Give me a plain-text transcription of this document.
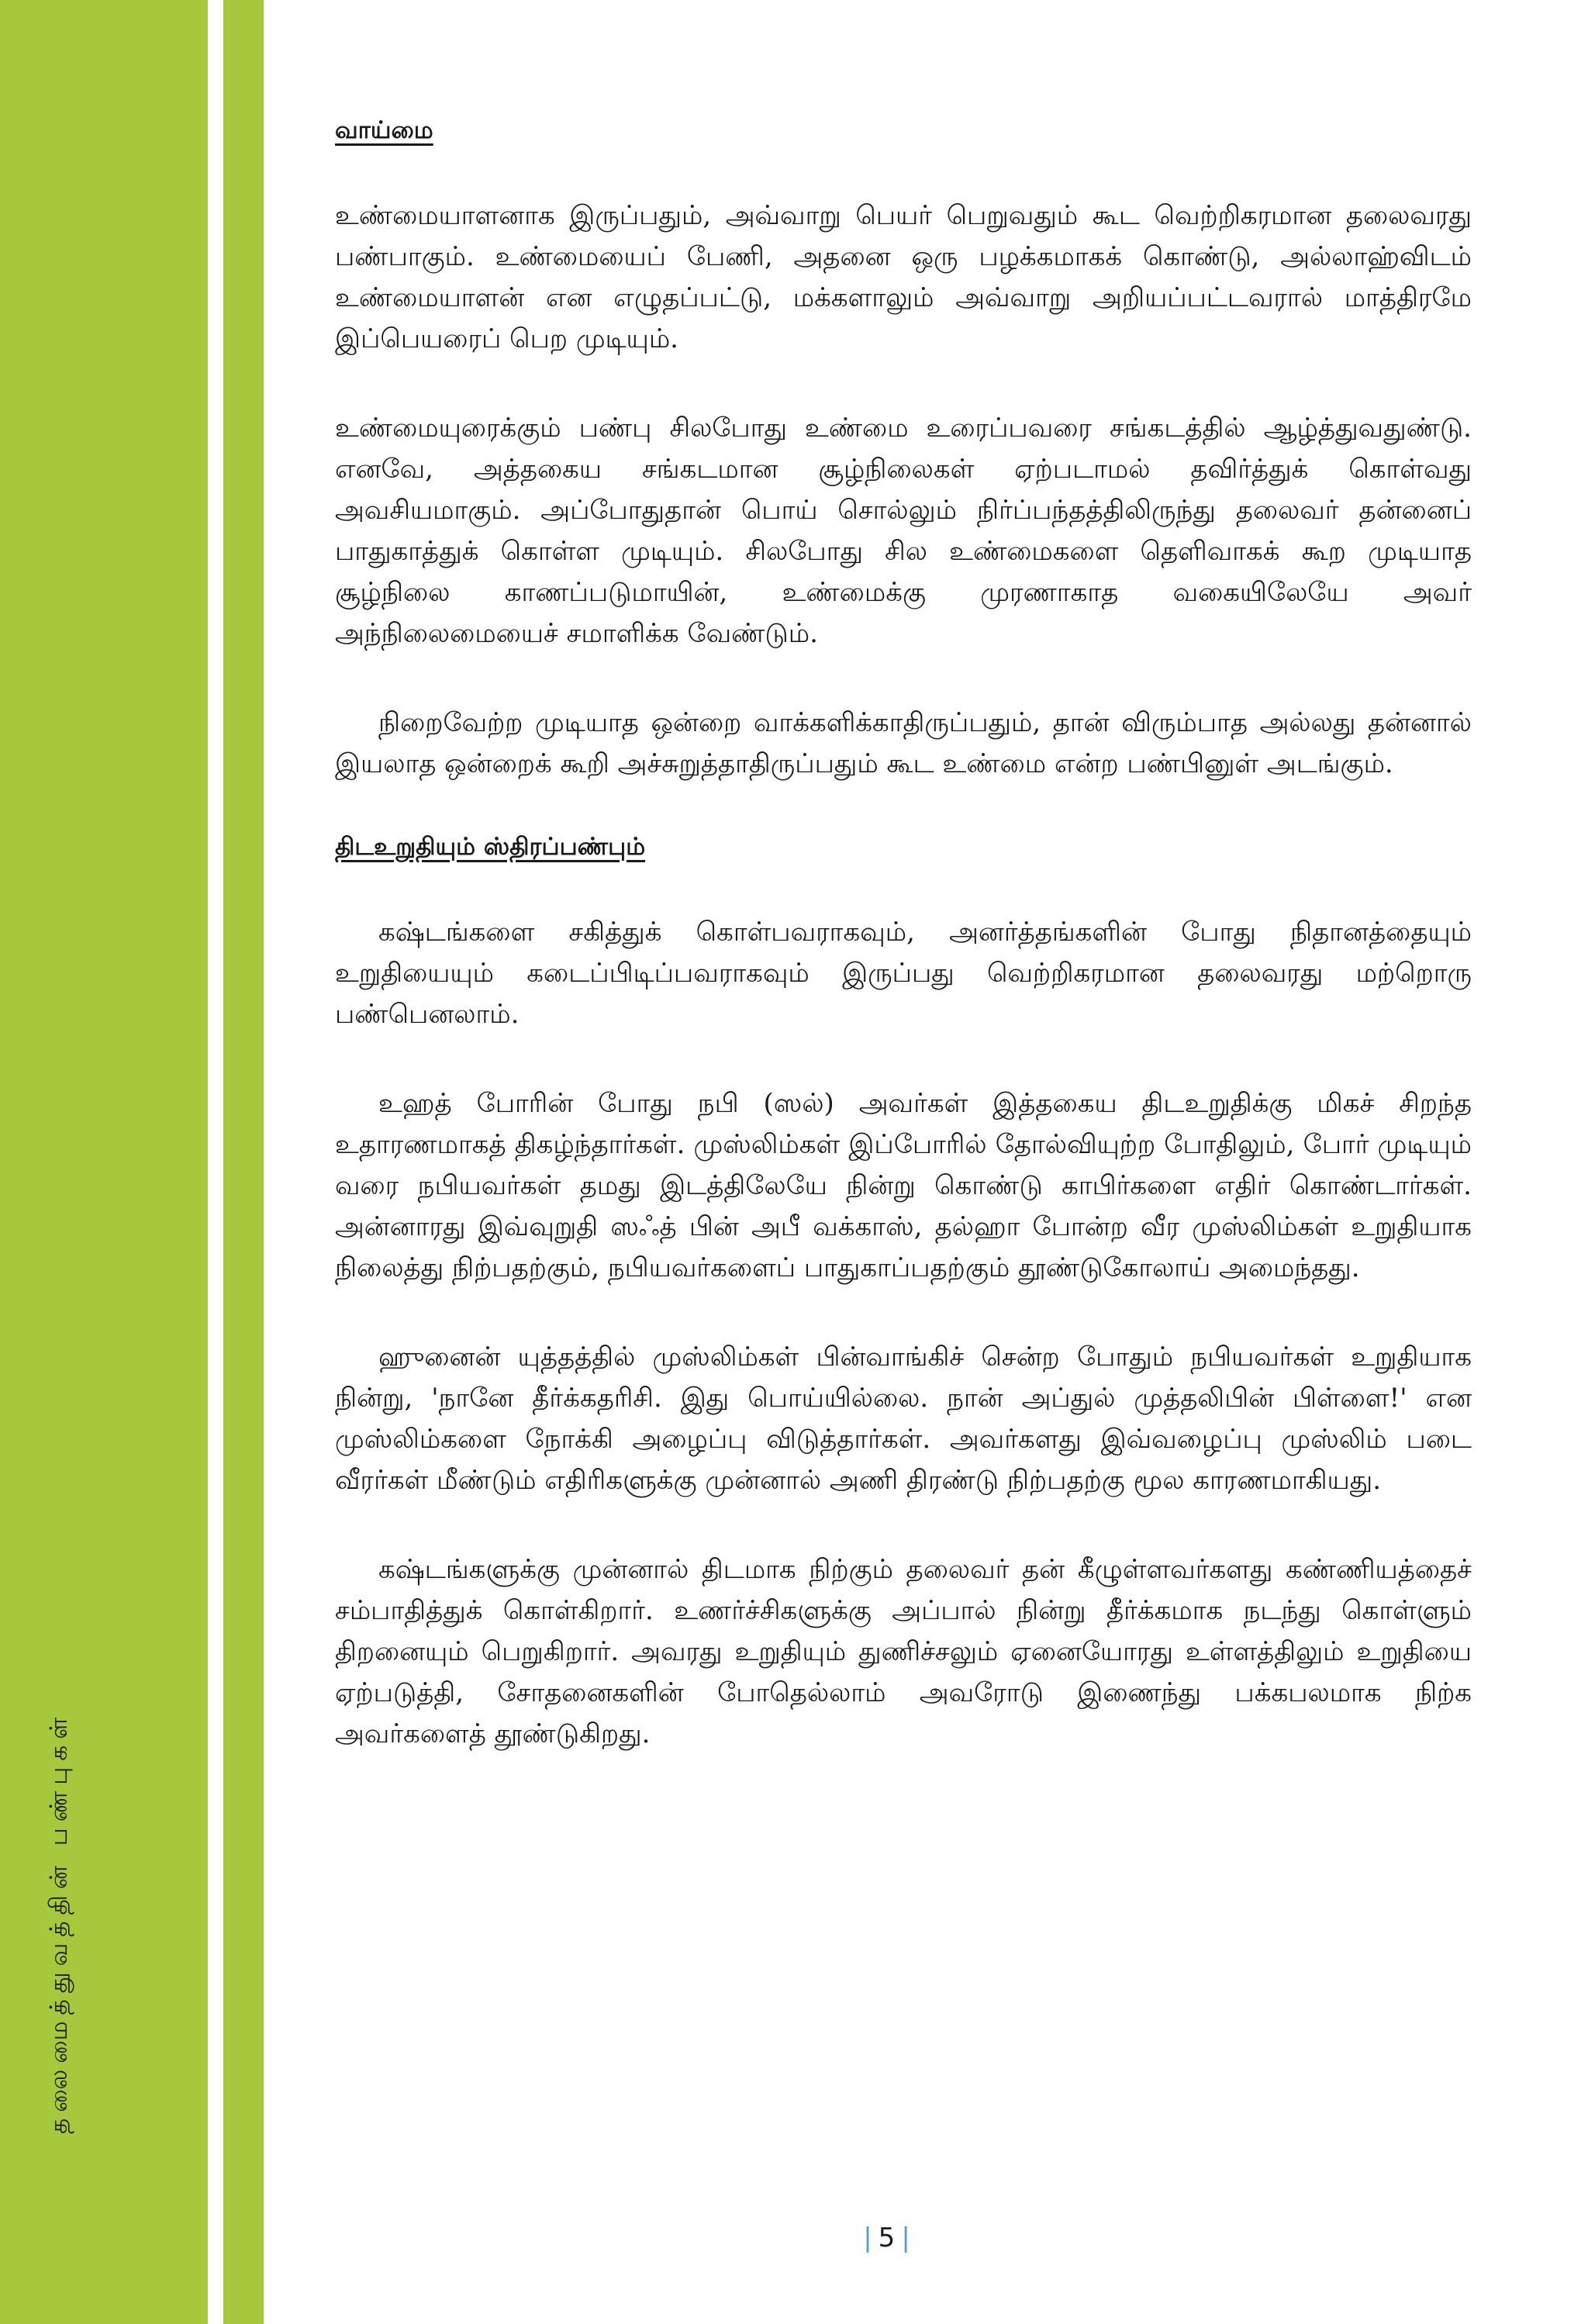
தலைமைத்துவத்தின் பண்புகள்
வாய்மை

உண்மையாளனாக இருப்பதும், அவ்வாறு பெயர் பெறுவதும் கூட வெற்றிகரமான தலைவரது பண்பாகும். உண்மையைப் பேணி, அதனை ஒரு பழக்கமாகக் கொண்டு, அல்லாஹ்விடம் உண்மையாளன் என எழுதப்பட்டு, மக்களாலும் அவ்வாறு அறியப்பட்டவரால் மாத்திரமே இப்பெயரைப் பெற முடியும்.

உண்மையுரைக்கும் பண்பு சிலபோது உண்மை உரைப்பவரை சங்கடத்தில் ஆழ்த்துவதுண்டு. எனவே, அத்தகைய சங்கடமான சூழ்நிலைகள் ஏற்படாமல் தவிர்த்துக் கொள்வது அவசியமாகும். அப்போதுதான் பொய் சொல்லும் நிர்ப்பந்தத்திலிருந்து தலைவர் தன்னைப் பாதுகாத்துக் கொள்ள முடியும். சிலபோது சில உண்மைகளை தெளிவாகக் கூற முடியாத சூழ்நிலை காணப்படுமாயின், உண்மைக்கு முரணாகாத வகையிலேயே அவர் அந்நிலைமையைச் சமாளிக்க வேண்டும்.

நிறைவேற்ற முடியாத ஒன்றை வாக்களிக்காதிருப்பதும், தான் விரும்பாத அல்லது தன்னால் இயலாத ஒன்றைக் கூறி அச்சுறுத்தாதிருப்பதும் கூட உண்மை என்ற பண்பினுள் அடங்கும்.

திடஉறுதியும் ஸ்திரப்பண்பும்

கஷ்டங்களை சகித்துக் கொள்பவராகவும், அனர்த்தங்களின் போது நிதானத்தையும் உறுதியையும் கடைப்பிடிப்பவராகவும் இருப்பது வெற்றிகரமான தலைவரது மற்றொரு பண்பெனலாம்.

உஹத் போரின் போது நபி (ஸல்) அவர்கள் இத்தகைய திடஉறுதிக்கு மிகச் சிறந்த உதாரணமாகத் திகழ்ந்தார்கள். முஸ்லிம்கள் இப்போரில் தோல்வியுற்ற போதிலும், போர் முடியும் வரை நபியவர்கள் தமது இடத்திலேயே நின்று கொண்டு காபிர்களை எதிர் கொண்டார்கள். அன்னாரது இவ்வுறுதி ஸஃத் பின் அபீ வக்காஸ், தல்ஹா போன்ற வீர முஸ்லிம்கள் உறுதியாக நிலைத்து நிற்பதற்கும், நபியவர்களைப் பாதுகாப்பதற்கும் தூண்டுகோலாய் அமைந்தது.

ஹுனைன் யுத்தத்தில் முஸ்லிம்கள் பின்வாங்கிச் சென்ற போதும் நபியவர்கள் உறுதியாக நின்று, 'நானே தீர்க்கதரிசி. இது பொய்யில்லை. நான் அப்துல் முத்தலிபின் பிள்ளை!' என முஸ்லிம்களை நோக்கி அழைப்பு விடுத்தார்கள். அவர்களது இவ்வழைப்பு முஸ்லிம் படை வீரர்கள் மீண்டும் எதிரிகளுக்கு முன்னால் அணி திரண்டு நிற்பதற்கு மூல காரணமாகியது.

கஷ்டங்களுக்கு முன்னால் திடமாக நிற்கும் தலைவர் தன் கீழுள்ளவர்களது கண்ணியத்தைச் சம்பாதித்துக் கொள்கிறார். உணர்ச்சிகளுக்கு அப்பால் நின்று தீர்க்கமாக நடந்து கொள்ளும் திறனையும் பெறுகிறார். அவரது உறுதியும் துணிச்சலும் ஏனையோரது உள்ளத்திலும் உறுதியை ஏற்படுத்தி, சோதனைகளின் போதெல்லாம் அவரோடு இணைந்து பக்கபலமாக நிற்க அவர்களைத் தூண்டுகிறது.

| 5 |
